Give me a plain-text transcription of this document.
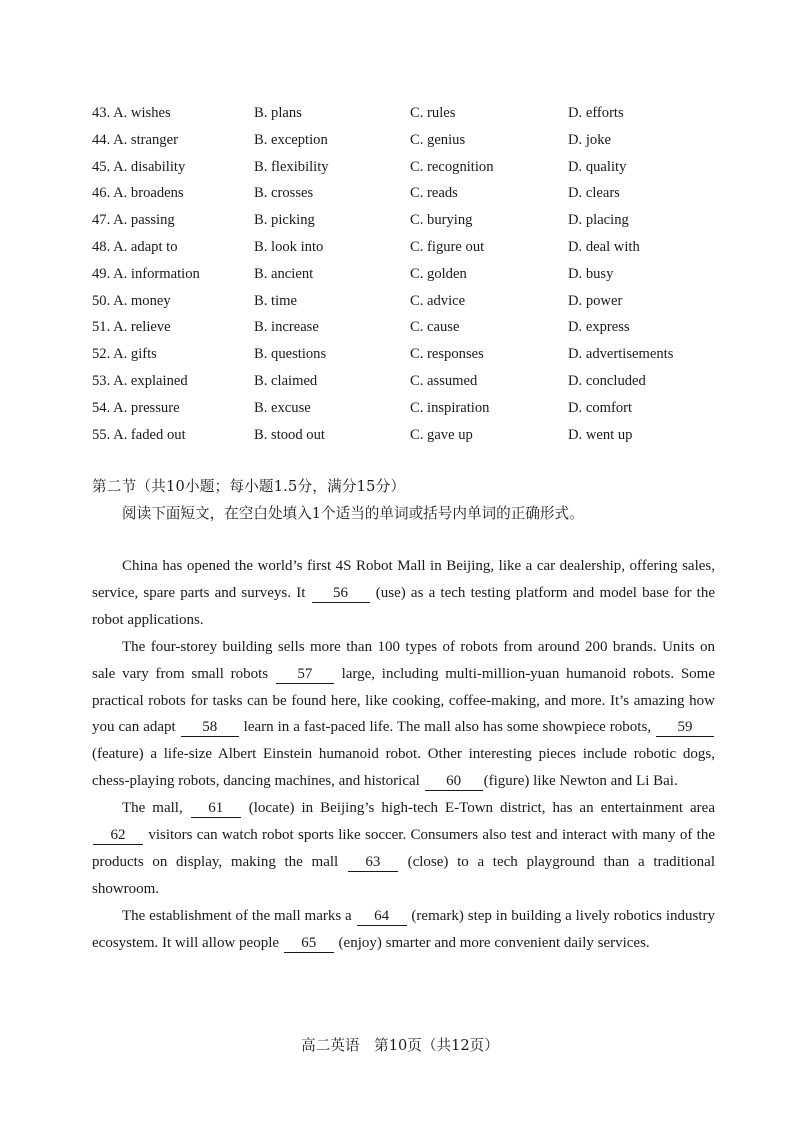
43. A. wishes	B. plans	C. rules	D. efforts
44. A. stranger	B. exception	C. genius	D. joke
45. A. disability	B. flexibility	C. recognition	D. quality
46. A. broadens	B. crosses	C. reads	D. clears
47. A. passing	B. picking	C. burying	D. placing
48. A. adapt to	B. look into	C. figure out	D. deal with
49. A. information	B. ancient	C. golden	D. busy
50. A. money	B. time	C. advice	D. power
51. A. relieve	B. increase	C. cause	D. express
52. A. gifts	B. questions	C. responses	D. advertisements
53. A. explained	B. claimed	C. assumed	D. concluded
54. A. pressure	B. excuse	C. inspiration	D. comfort
55. A. faded out	B. stood out	C. gave up	D. went up
第二节（共10小题；每小题1.5分，满分15分）
阅读下面短文，在空白处填入1个适当的单词或括号内单词的正确形式。

China has opened the world’s first 4S Robot Mall in Beijing, like a car dealership, offering sales, service, spare parts and surveys. It 56 (use) as a tech testing platform and model base for the robot applications.

The four-storey building sells more than 100 types of robots from around 200 brands. Units on sale vary from small robots 57 large, including multi-million-yuan humanoid robots. Some practical robots for tasks can be found here, like cooking, coffee-making, and more. It’s amazing how you can adapt 58 learn in a fast-paced life. The mall also has some showpiece robots, 59 (feature) a life-size Albert Einstein humanoid robot. Other interesting pieces include robotic dogs, chess-playing robots, dancing machines, and historical 60 (figure) like Newton and Li Bai.

The mall, 61 (locate) in Beijing’s high-tech E-Town district, has an entertainment area 62 visitors can watch robot sports like soccer. Consumers also test and interact with many of the products on display, making the mall 63 (close) to a tech playground than a traditional showroom.

The establishment of the mall marks a 64 (remark) step in building a lively robotics industry ecosystem. It will allow people 65 (enjoy) smarter and more convenient daily services.

高二英语　第10页（共12页）
